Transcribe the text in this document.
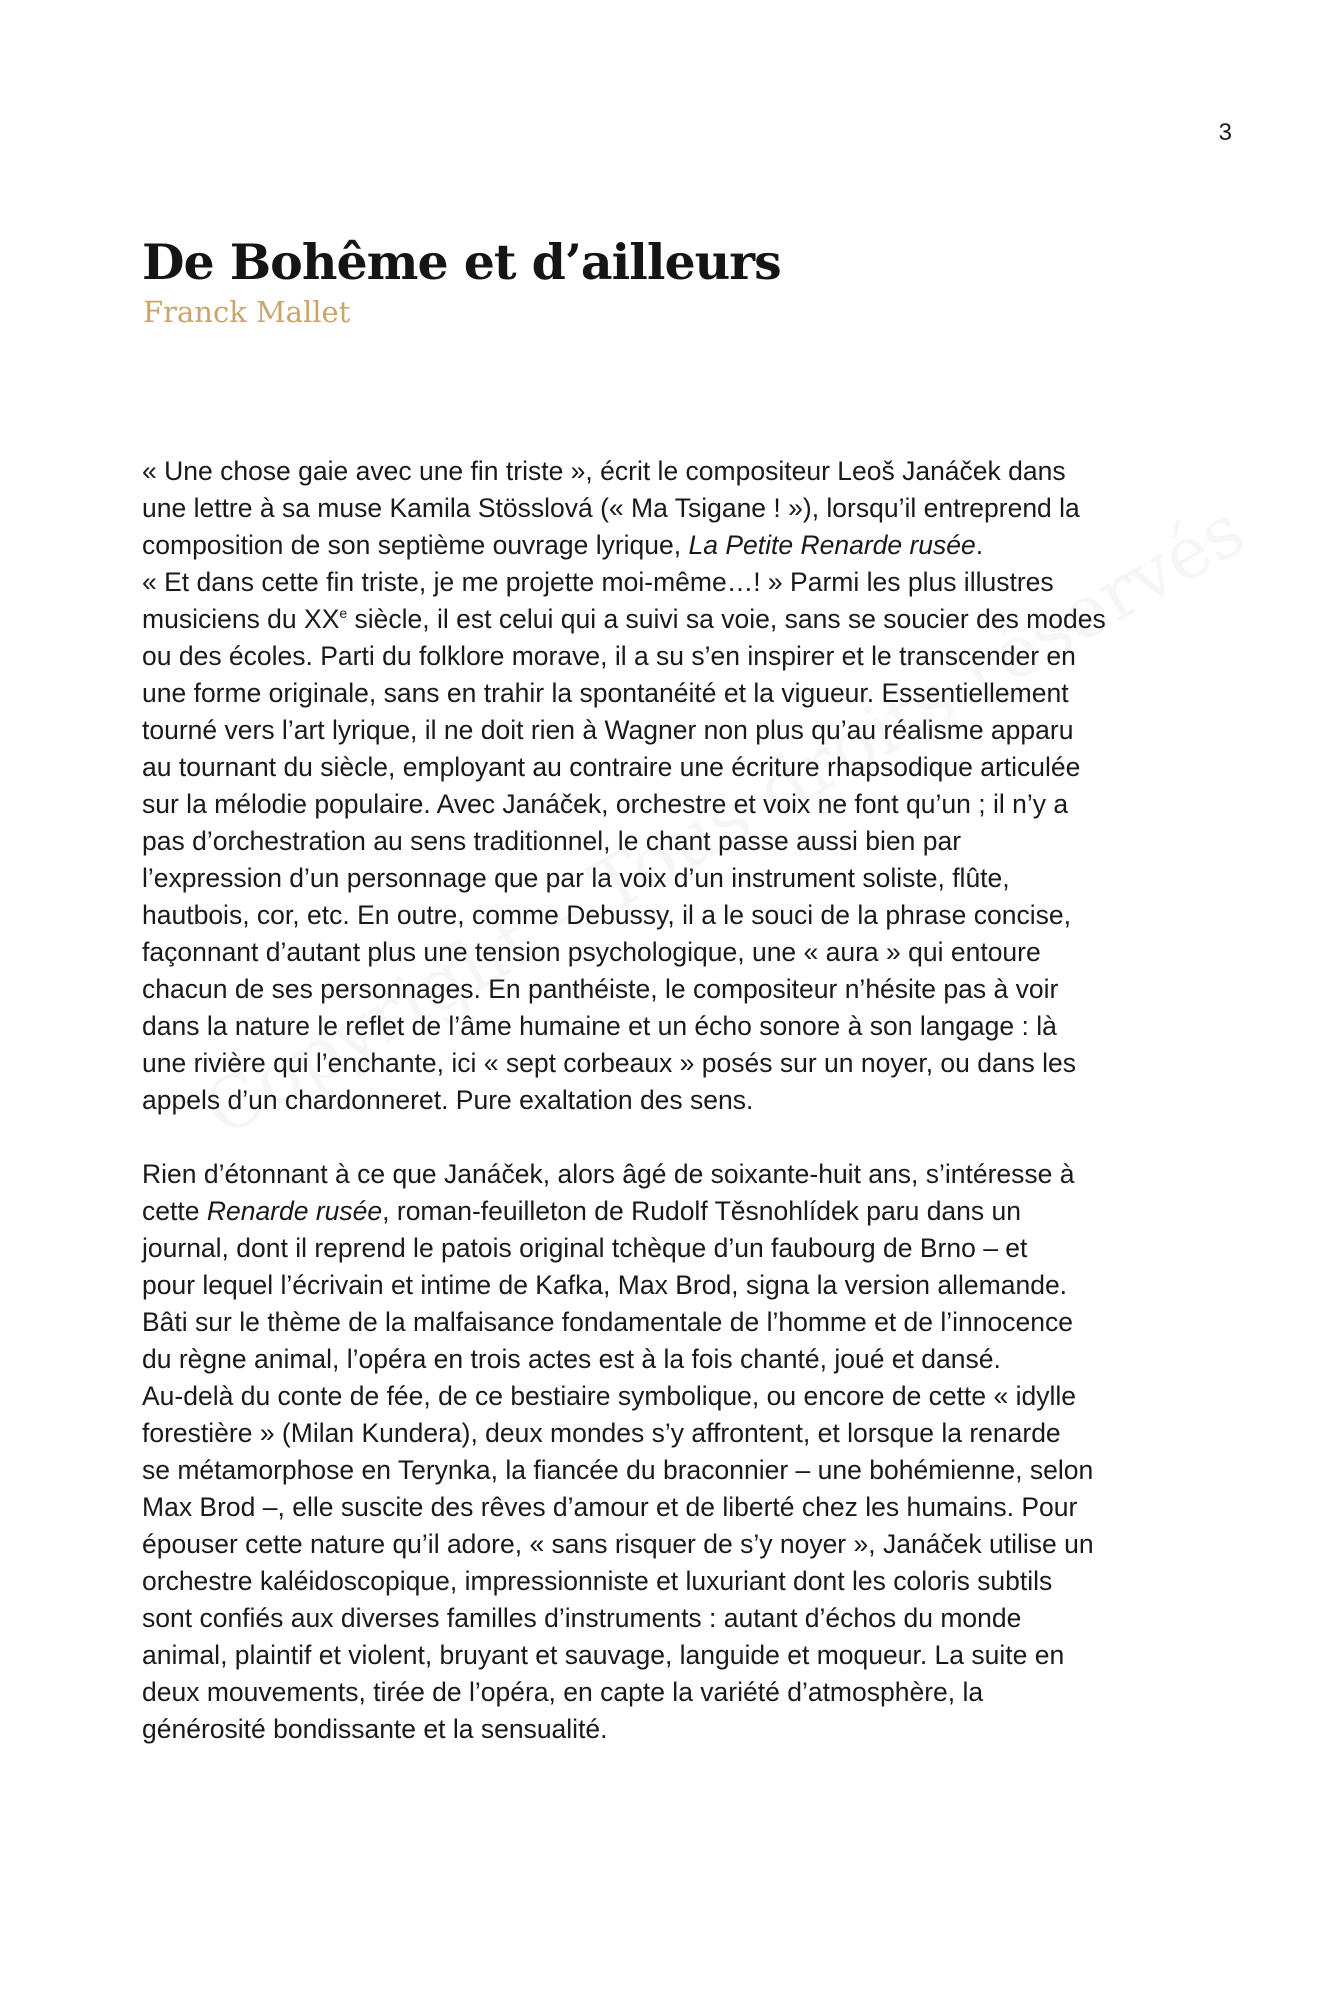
3
De Bohême et d’ailleurs
Franck Mallet
« Une chose gaie avec une fin triste », écrit le compositeur Leoš Janáček dans
une lettre à sa muse Kamila Stösslová (« Ma Tsigane ! »), lorsqu’il entreprend la
composition de son septième ouvrage lyrique, La Petite Renarde rusée.
« Et dans cette fin triste, je me projette moi-même…! » Parmi les plus illustres
musiciens du XXe siècle, il est celui qui a suivi sa voie, sans se soucier des modes
ou des écoles. Parti du folklore morave, il a su s’en inspirer et le transcender en
une forme originale, sans en trahir la spontanéité et la vigueur. Essentiellement
tourné vers l’art lyrique, il ne doit rien à Wagner non plus qu’au réalisme apparu
au tournant du siècle, employant au contraire une écriture rhapsodique articulée
sur la mélodie populaire. Avec Janáček, orchestre et voix ne font qu’un ; il n’y a
pas d’orchestration au sens traditionnel, le chant passe aussi bien par
l’expression d’un personnage que par la voix d’un instrument soliste, flûte,
hautbois, cor, etc. En outre, comme Debussy, il a le souci de la phrase concise,
façonnant d’autant plus une tension psychologique, une « aura » qui entoure
chacun de ses personnages. En panthéiste, le compositeur n’hésite pas à voir
dans la nature le reflet de l’âme humaine et un écho sonore à son langage : là
une rivière qui l’enchante, ici « sept corbeaux » posés sur un noyer, ou dans les
appels d’un chardonneret. Pure exaltation des sens.
Rien d’étonnant à ce que Janáček, alors âgé de soixante-huit ans, s’intéresse à
cette Renarde rusée, roman-feuilleton de Rudolf Těsnohlídek paru dans un
journal, dont il reprend le patois original tchèque d’un faubourg de Brno – et
pour lequel l’écrivain et intime de Kafka, Max Brod, signa la version allemande.
Bâti sur le thème de la malfaisance fondamentale de l’homme et de l’innocence
du règne animal, l’opéra en trois actes est à la fois chanté, joué et dansé.
Au-delà du conte de fée, de ce bestiaire symbolique, ou encore de cette « idylle
forestière » (Milan Kundera), deux mondes s’y affrontent, et lorsque la renarde
se métamorphose en Terynka, la fiancée du braconnier – une bohémienne, selon
Max Brod –, elle suscite des rêves d’amour et de liberté chez les humains. Pour
épouser cette nature qu’il adore, « sans risquer de s’y noyer », Janáček utilise un
orchestre kaléidoscopique, impressionniste et luxuriant dont les coloris subtils
sont confiés aux diverses familles d’instruments : autant d’échos du monde
animal, plaintif et violent, bruyant et sauvage, languide et moqueur. La suite en
deux mouvements, tirée de l’opéra, en capte la variété d’atmosphère, la
générosité bondissante et la sensualité.
